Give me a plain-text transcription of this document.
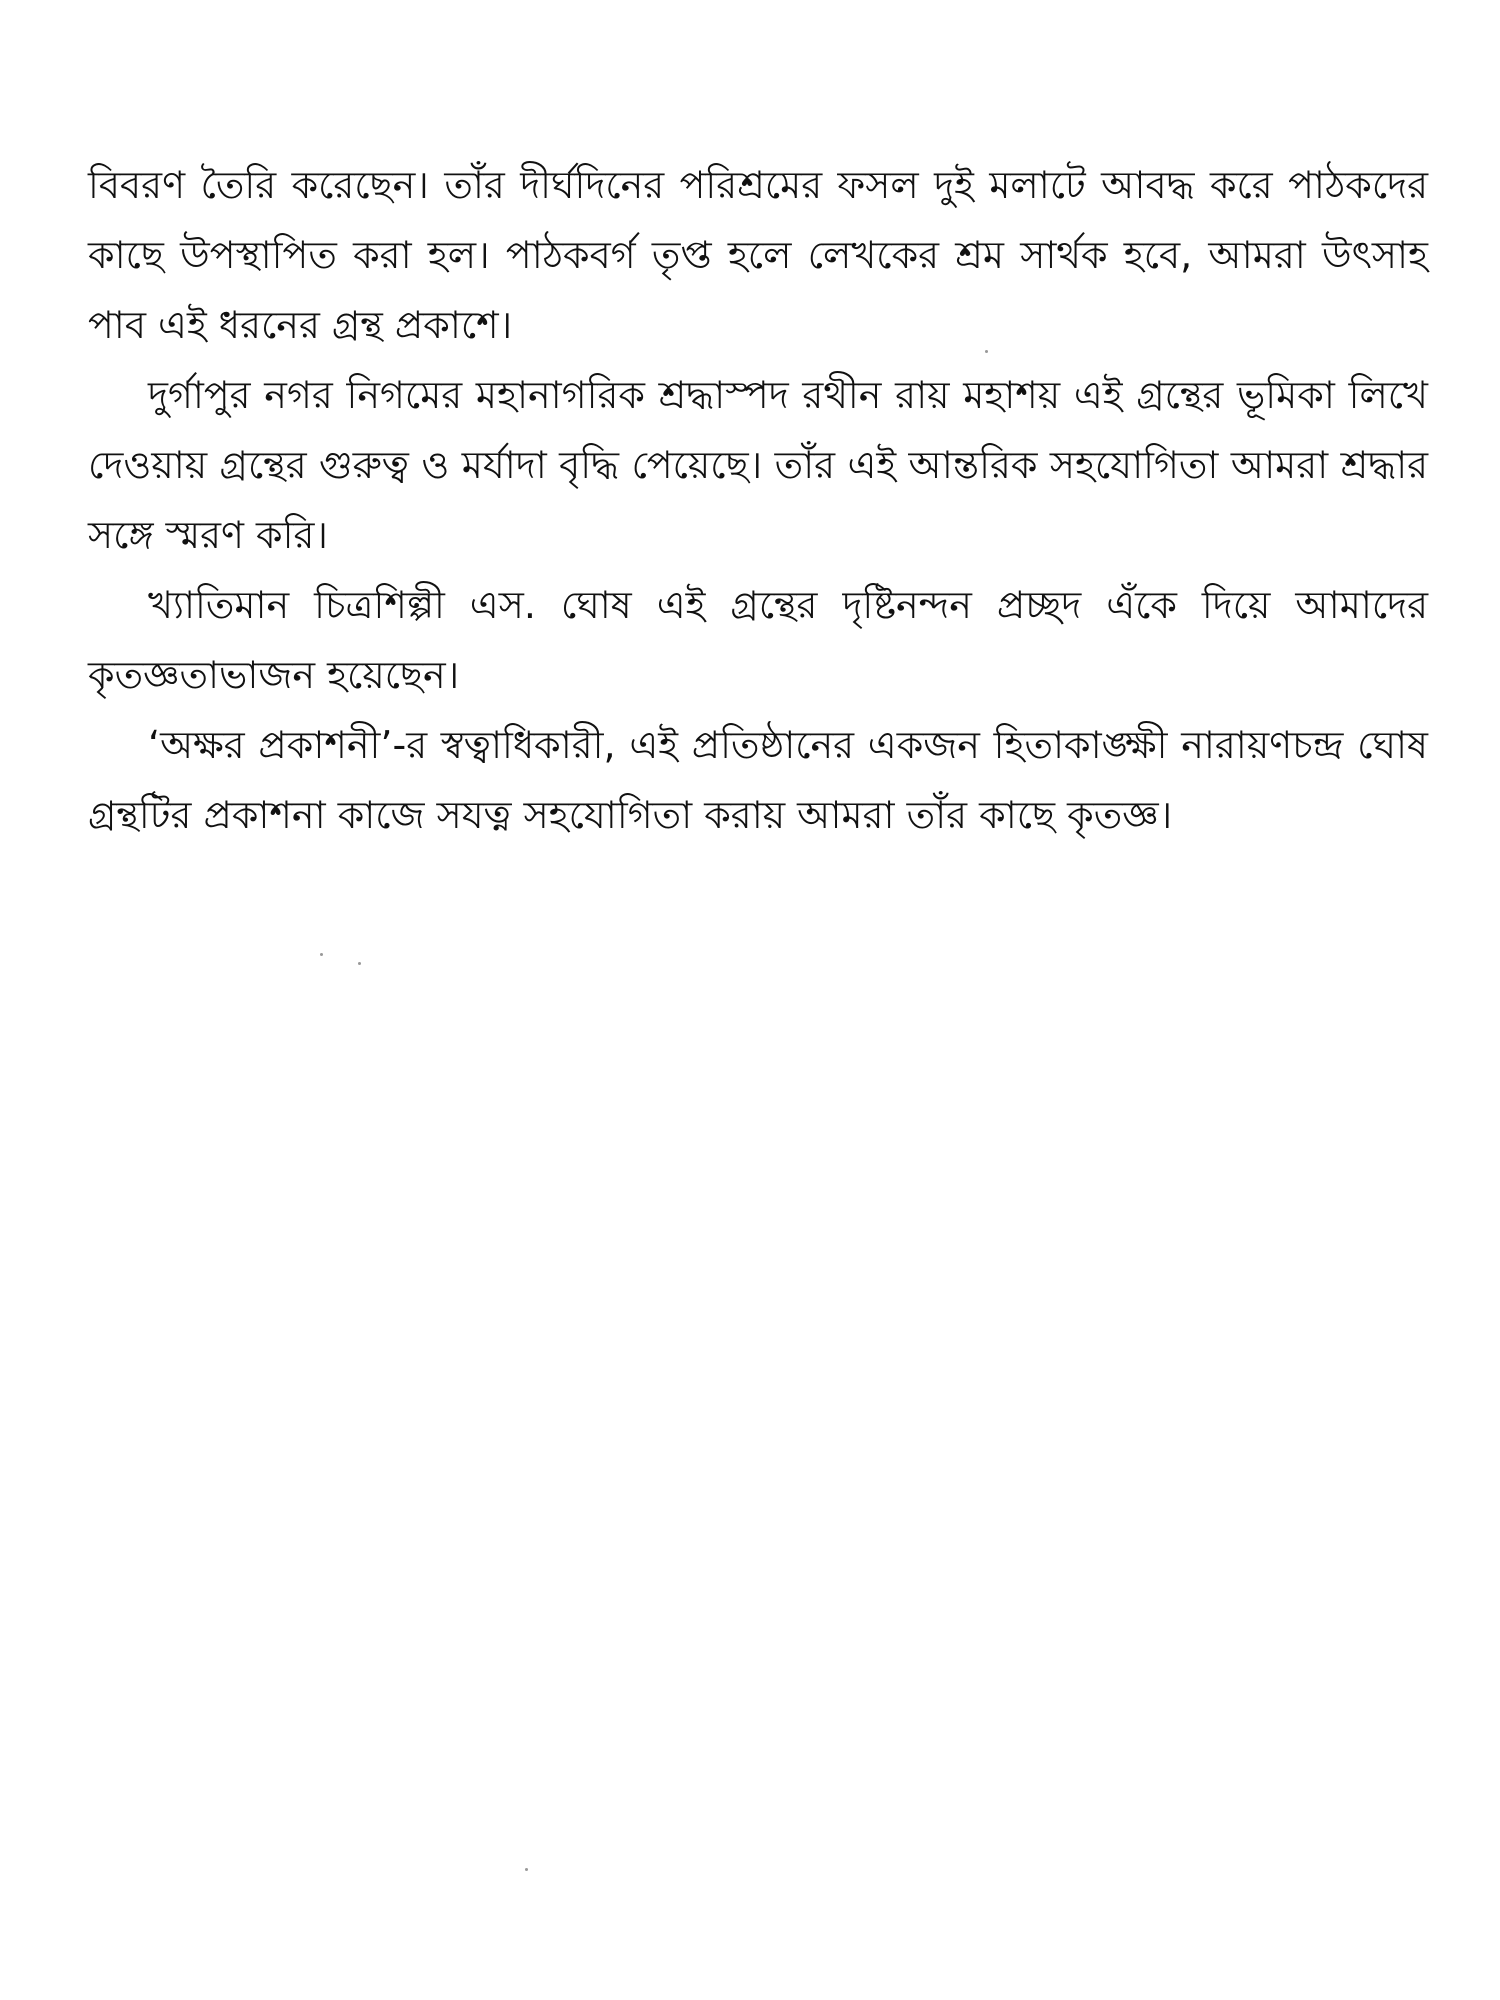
বিবরণ তৈরি করেছেন। তাঁর দীর্ঘদিনের পরিশ্রমের ফসল দুই মলাটে আবদ্ধ করে পাঠকদের কাছে উপস্থাপিত করা হল। পাঠকবর্গ তৃপ্ত হলে লেখকের শ্রম সার্থক হবে, আমরা উৎসাহ পাব এই ধরনের গ্রন্থ প্রকাশে।

দুর্গাপুর নগর নিগমের মহানাগরিক শ্রদ্ধাস্পদ রথীন রায় মহাশয় এই গ্রন্থের ভূমিকা লিখে দেওয়ায় গ্রন্থের গুরুত্ব ও মর্যাদা বৃদ্ধি পেয়েছে। তাঁর এই আন্তরিক সহযোগিতা আমরা শ্রদ্ধার সঙ্গে স্মরণ করি।

খ্যাতিমান চিত্রশিল্পী এস. ঘোষ এই গ্রন্থের দৃষ্টিনন্দন প্রচ্ছদ এঁকে দিয়ে আমাদের কৃতজ্ঞতাভাজন হয়েছেন।

‘অক্ষর প্রকাশনী’-র স্বত্বাধিকারী, এই প্রতিষ্ঠানের একজন হিতাকাঙ্ক্ষী নারায়ণচন্দ্র ঘোষ গ্রন্থটির প্রকাশনা কাজে সযত্ন সহযোগিতা করায় আমরা তাঁর কাছে কৃতজ্ঞ।
